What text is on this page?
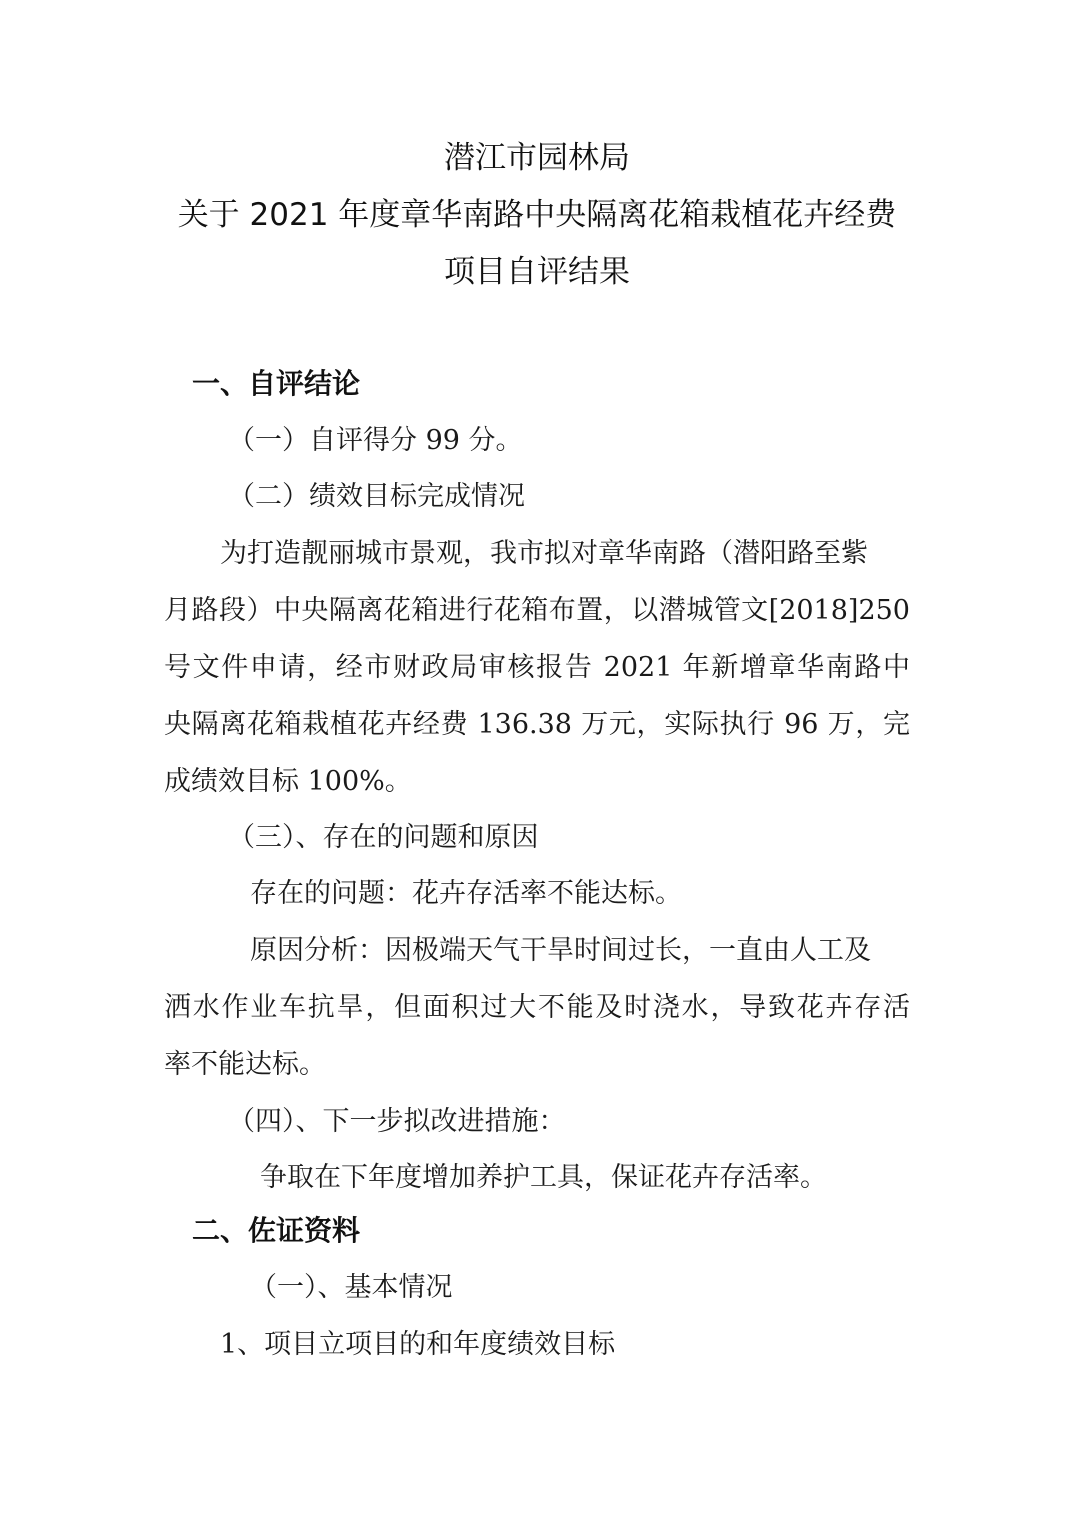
潜江市园林局
关于 2021 年度章华南路中央隔离花箱栽植花卉经费
项目自评结果
一、自评结论
（一）自评得分 99 分。
（二）绩效目标完成情况
为打造靓丽城市景观，我市拟对章华南路（潜阳路至紫
月路段）中央隔离花箱进行花箱布置，以潜城管文[2018]250
号文件申请，经市财政局审核报告 2021 年新增章华南路中
央隔离花箱栽植花卉经费 136.38 万元，实际执行 96 万，完
成绩效目标 100%。
（三）、存在的问题和原因
存在的问题：花卉存活率不能达标。
原因分析：因极端天气干旱时间过长，一直由人工及
洒水作业车抗旱，但面积过大不能及时浇水，导致花卉存活
率不能达标。
（四）、下一步拟改进措施：
争取在下年度增加养护工具，保证花卉存活率。
二、佐证资料
（一）、基本情况
1、项目立项目的和年度绩效目标
